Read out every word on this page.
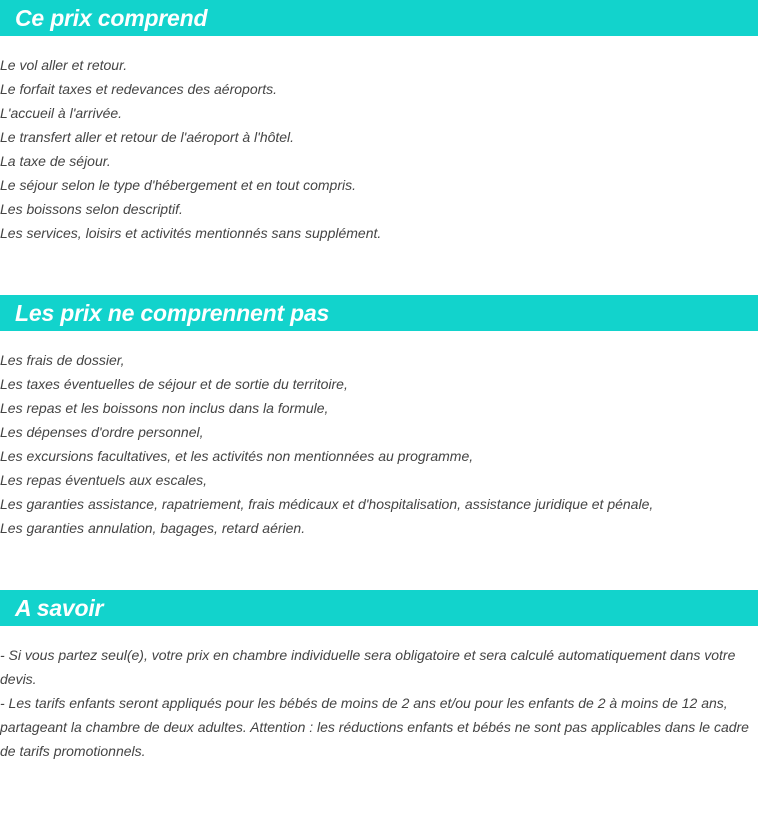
Ce prix comprend
Le vol aller et retour.
Le forfait taxes et redevances des aéroports.
L'accueil à l'arrivée.
Le transfert aller et retour de l'aéroport à l'hôtel.
La taxe de séjour.
Le séjour selon le type d'hébergement et en tout compris.
Les boissons selon descriptif.
Les services, loisirs et activités mentionnés sans supplément.
Les prix ne comprennent pas
Les frais de dossier,
Les taxes éventuelles de séjour et de sortie du territoire,
Les repas et les boissons non inclus dans la formule,
Les dépenses d'ordre personnel,
Les excursions facultatives, et les activités non mentionnées au programme,
Les repas éventuels aux escales,
Les garanties assistance, rapatriement, frais médicaux et d'hospitalisation, assistance juridique et pénale,
Les garanties annulation, bagages, retard aérien.
A savoir

- Si vous partez seul(e), votre prix en chambre individuelle sera obligatoire et sera calculé automatiquement dans votre devis.

- Les tarifs enfants seront appliqués pour les bébés de moins de 2 ans et/ou pour les enfants de 2 à moins de 12 ans, partageant la chambre de deux adultes. Attention : les réductions enfants et bébés ne sont pas applicables dans le cadre de tarifs promotionnels.
